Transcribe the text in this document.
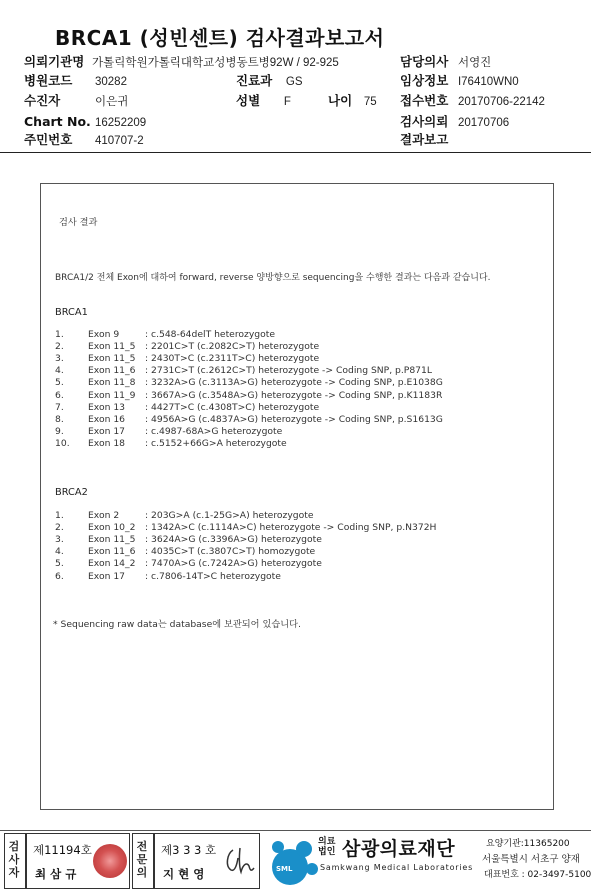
BRCA1 (성빈센트) 검사결과보고서
의뢰기관명 가톨릭학원가톨릭대학교성병동트병92W / 92-925	담당의사 서영진
병원코드 30282	진료과 GS	임상정보 I76410WN0
수진자	이은귀	성별 F	나이 75 접수번호 20170706-22142
Chart No. 16252209	검사의뢰 20170706
주민번호 410707-2	결과보고
검사 결과
BRCA1/2 전체 Exon에 대하여 forward, reverse 양방향으로 sequencing을 수행한 결과는 다음과 같습니다.
BRCA1
1.	Exon 9	: c.548-64delT heterozygote
2.	Exon 11_5 : 2201C>T (c.2082C>T) heterozygote
3.	Exon 11_5 : 2430T>C (c.2311T>C) heterozygote
4.	Exon 11_6 : 2731C>T (c.2612C>T) heterozygote -> Coding SNP, p.P871L
5.	Exon 11_8 : 3232A>G (c.3113A>G) heterozygote -> Coding SNP, p.E1038G
6.	Exon 11_9 : 3667A>G (c.3548A>G) heterozygote -> Coding SNP, p.K1183R
7.	Exon 13 : 4427T>C (c.4308T>C) heterozygote
8.	Exon 16 : 4956A>G (c.4837A>G) heterozygote -> Coding SNP, p.S1613G
9.	Exon 17 : c.4987-68A>G heterozygote
10.	Exon 18 : c.5152+66G>A heterozygote
BRCA2
1.	Exon 2	: 203G>A (c.1-25G>A) heterozygote
2.	Exon 10_2 : 1342A>C (c.1114A>C) heterozygote -> Coding SNP, p.N372H
3.	Exon 11_5 : 3624A>G (c.3396A>G) heterozygote
4.	Exon 11_6 : 4035C>T (c.3807C>T) homozygote
5.	Exon 14_2 : 7470A>G (c.7242A>G) heterozygote
6.	Exon 17 : c.7806-14T>C heterozygote
* Sequencing raw data는 database에 보관되어 있습니다.
검사자
제11194호
최 삼 규
전문의
제3 3 3 호
지 현 영	SML
의료
법인 삼광의료재단
Samkwang Medical Laboratories
요양기관:11365200
서울특별시 서초구 양재
대표번호 : 02-3497-5100
